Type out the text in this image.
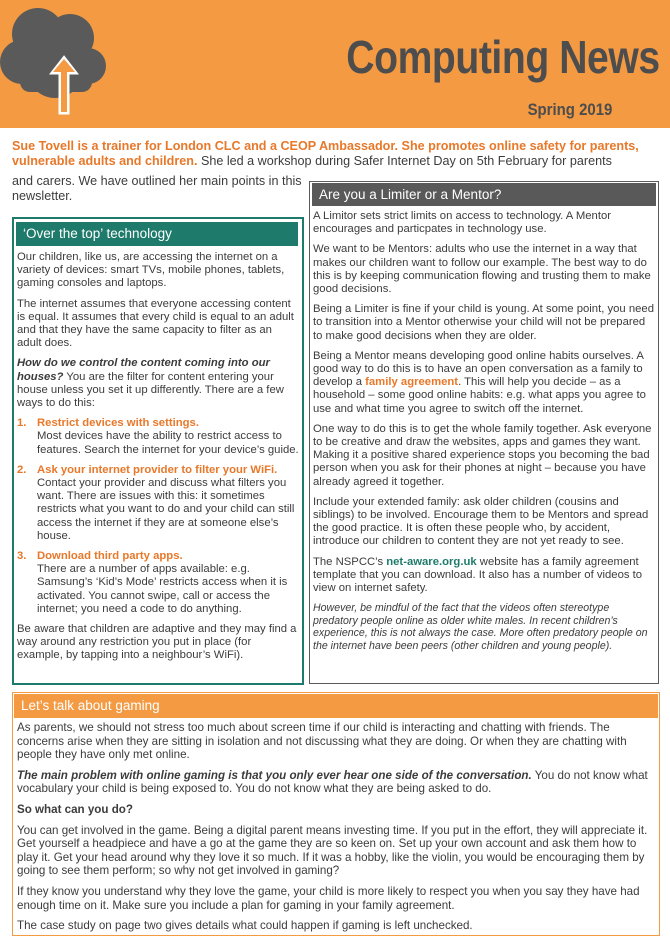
Computing News
Spring 2019
Sue Tovell is a trainer for London CLC and a CEOP Ambassador. She promotes online safety for parents, vulnerable adults and children. She led a workshop during Safer Internet Day on 5th February for parents
and carers. We have outlined her main points in this newsletter.
‘Over the top’ technology

Our children, like us, are accessing the internet on a variety of devices: smart TVs, mobile phones, tablets, gaming consoles and laptops.

The internet assumes that everyone accessing content is equal. It assumes that every child is equal to an adult and that they have the same capacity to filter as an adult does.

How do we control the content coming into our houses? You are the filter for content entering your house unless you set it up differently. There are a few ways to do this:

1. Restrict devices with settings.
Most devices have the ability to restrict access to features. Search the internet for your device’s guide.
2. Ask your internet provider to filter your WiFi.
Contact your provider and discuss what filters you want. There are issues with this: it sometimes restricts what you want to do and your child can still access the internet if they are at someone else’s house.
3. Download third party apps.
There are a number of apps available: e.g. Samsung’s ‘Kid’s Mode’ restricts access when it is activated. You cannot swipe, call or access the internet; you need a code to do anything.

Be aware that children are adaptive and they may find a way around any restriction you put in place (for example, by tapping into a neighbour’s WiFi).

Are you a Limiter or a Mentor?

A Limitor sets strict limits on access to technology. A Mentor encourages and particpates in technology use.

We want to be Mentors: adults who use the internet in a way that makes our children want to follow our example. The best way to do this is by keeping communication flowing and trusting them to make good decisions.

Being a Limiter is fine if your child is young. At some point, you need to transition into a Mentor otherwise your child will not be prepared to make good decisions when they are older.

Being a Mentor means developing good online habits ourselves. A good way to do this is to have an open conversation as a family to develop a family agreement. This will help you decide – as a household – some good online habits: e.g. what apps you agree to use and what time you agree to switch off the internet.

One way to do this is to get the whole family together. Ask everyone to be creative and draw the websites, apps and games they want. Making it a positive shared experience stops you becoming the bad person when you ask for their phones at night – because you have already agreed it together.

Include your extended family: ask older children (cousins and siblings) to be involved. Encourage them to be Mentors and spread the good practice. It is often these people who, by accident, introduce our children to content they are not yet ready to see.

The NSPCC’s net-aware.org.uk website has a family agreement template that you can download. It also has a number of videos to view on internet safety.

However, be mindful of the fact that the videos often stereotype predatory people online as older white males. In recent children’s experience, this is not always the case. More often predatory people on the internet have been peers (other children and young people).

Let’s talk about gaming

As parents, we should not stress too much about screen time if our child is interacting and chatting with friends. The concerns arise when they are sitting in isolation and not discussing what they are doing. Or when they are chatting with people they have only met online.

The main problem with online gaming is that you only ever hear one side of the conversation. You do not know what vocabulary your child is being exposed to. You do not know what they are being asked to do.

So what can you do?

You can get involved in the game. Being a digital parent means investing time. If you put in the effort, they will appreciate it. Get yourself a headpiece and have a go at the game they are so keen on. Set up your own account and ask them how to play it. Get your head around why they love it so much. If it was a hobby, like the violin, you would be encouraging them by going to see them perform; so why not get involved in gaming?

If they know you understand why they love the game, your child is more likely to respect you when you say they have had enough time on it. Make sure you include a plan for gaming in your family agreement.

The case study on page two gives details what could happen if gaming is left unchecked.
